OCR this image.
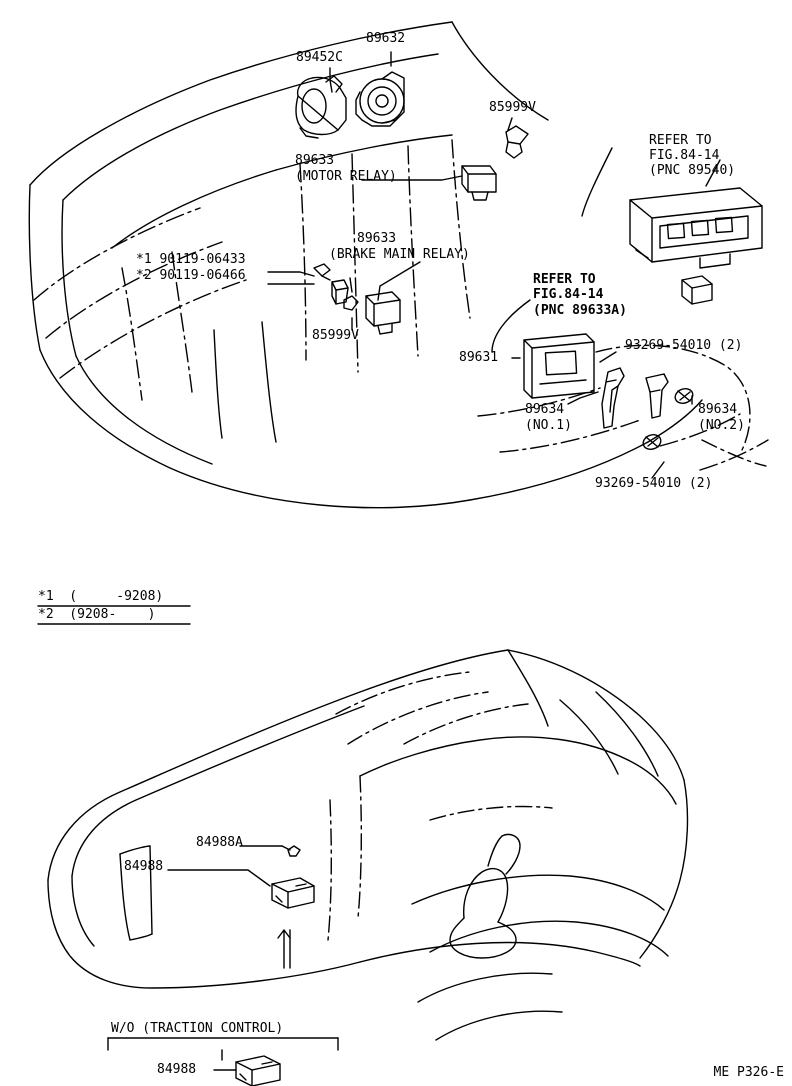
89452C
89632
85999V
REFER TO
FIG.84-14
(PNC 89540)
89633
(MOTOR RELAY)
89633
(BRAKE MAIN RELAY)
*1 90119-06433
*2 90119-06466	REFER TO
FIG.84-14
(PNC 89633A)
85999V
89631
93269-54010 (2)
89634
(NO.1)
89634
(NO.2)
93269-54010 (2)
*1  (     -9208)
*2  (9208-    )
84988A
84988
W/O (TRACTION CONTROL)
84988	ME P326-E
